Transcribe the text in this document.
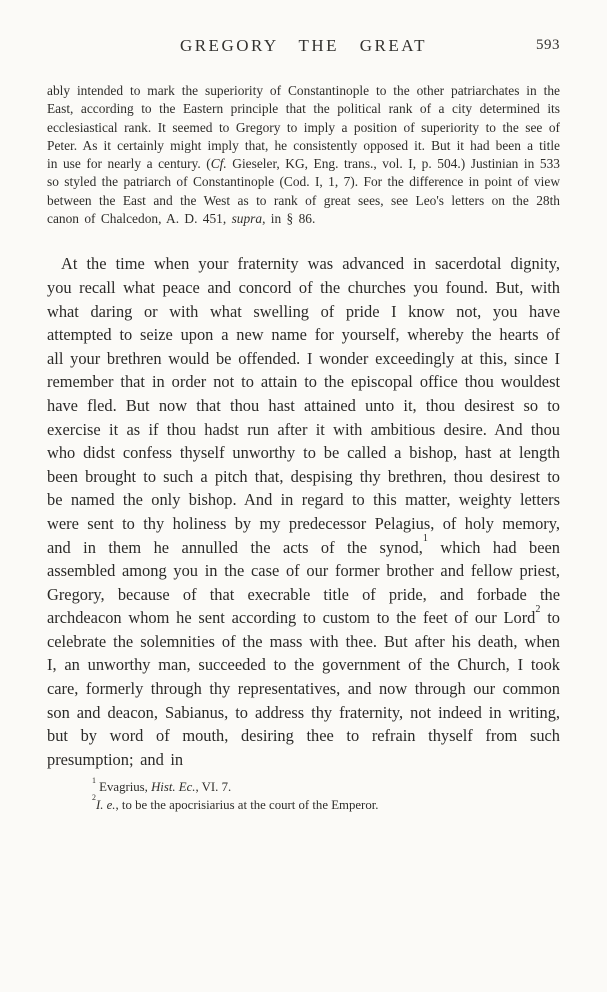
GREGORY THE GREAT	593

ably intended to mark the superiority of Constantinople to the other patriarchates in the East, according to the Eastern principle that the political rank of a city determined its ecclesiastical rank. It seemed to Gregory to imply a position of superiority to the see of Peter. As it certainly might imply that, he consistently opposed it. But it had been a title in use for nearly a century. (Cf. Gieseler, KG, Eng. trans., vol. I, p. 504.) Justinian in 533 so styled the patriarch of Constantinople (Cod. I, 1, 7). For the difference in point of view between the East and the West as to rank of great sees, see Leo's letters on the 28th canon of Chalcedon, A. D. 451, supra, in § 86.

At the time when your fraternity was advanced in sacerdotal dignity, you recall what peace and concord of the churches you found. But, with what daring or with what swelling of pride I know not, you have attempted to seize upon a new name for yourself, whereby the hearts of all your brethren would be offended. I wonder exceedingly at this, since I remember that in order not to attain to the episcopal office thou wouldest have fled. But now that thou hast attained unto it, thou desirest so to exercise it as if thou hadst run after it with ambitious desire. And thou who didst confess thyself unworthy to be called a bishop, hast at length been brought to such a pitch that, despising thy brethren, thou desirest to be named the only bishop. And in regard to this matter, weighty letters were sent to thy holiness by my predecessor Pelagius, of holy memory, and in them he annulled the acts of the synod,$^1$ which had been assembled among you in the case of our former brother and fellow priest, Gregory, because of that execrable title of pride, and forbade the archdeacon whom he sent according to custom to the feet of our Lord$^2$ to celebrate the solemnities of the mass with thee. But after his death, when I, an unworthy man, succeeded to the government of the Church, I took care, formerly through thy representatives, and now through our common son and deacon, Sabianus, to address thy fraternity, not indeed in writing, but by word of mouth, desiring thee to refrain thyself from such presumption; and in

$^1$ Evagrius, Hist. Ec., VI. 7.
$^2$I. e., to be the apocrisiarius at the court of the Emperor.
